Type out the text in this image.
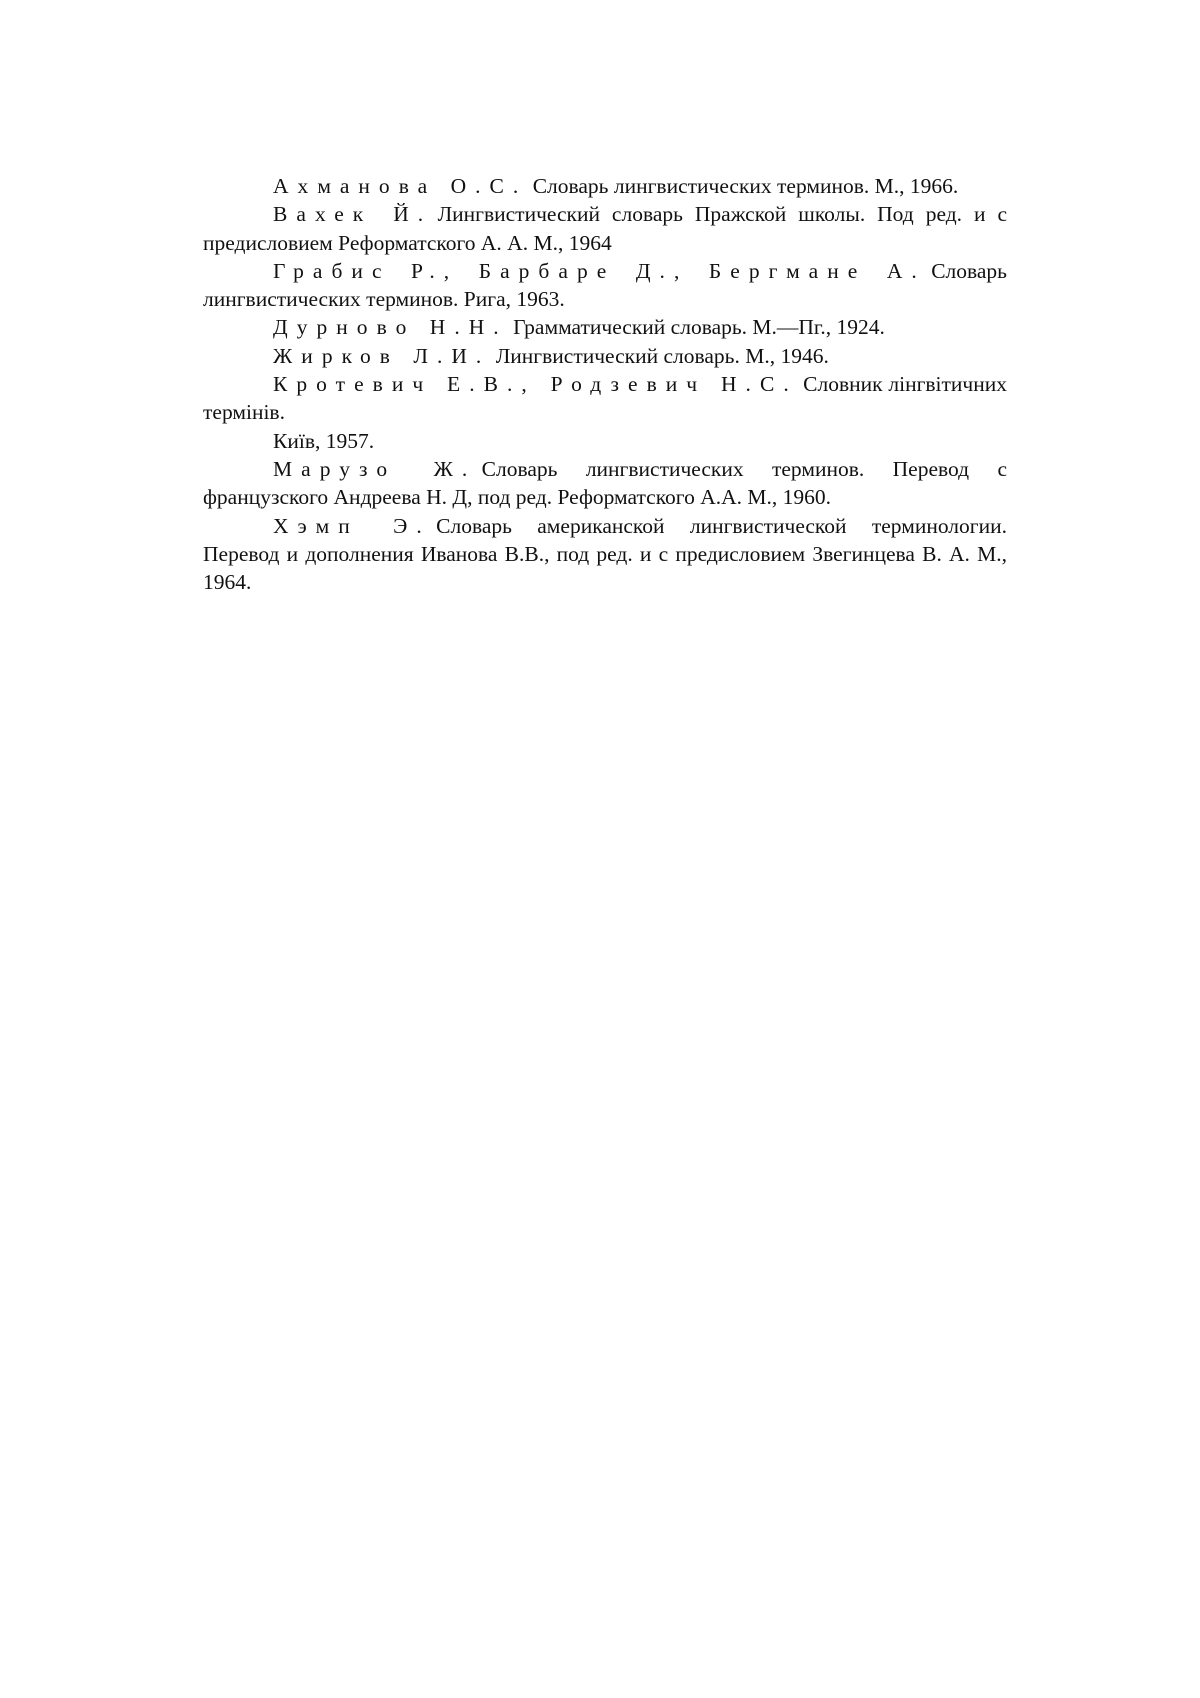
Ахманова О.С. Словарь лингвистических терминов. М., 1966.

Вахек Й. Лингвистический словарь Пражской школы. Под ред. и с предисловием Реформатского А. А. М., 1964

Грабис Р., Барбаре Д., Бергмане А. Словарь лингвистических терминов. Рига, 1963.

Дурново Н.Н. Грамматический словарь. М.—Пг., 1924.

Жирков Л.И. Лингвистический словарь. М., 1946.

Кротевич Е.В., Родзевич Н.С. Словник лінгвітичних термінів.

Київ, 1957.

Марузо Ж. Словарь лингвистических терминов. Перевод с французского Андреева Н. Д, под ред. Реформатского А.А. М., 1960.

Хэмп Э. Словарь американской лингвистической терминологии. Перевод и дополнения Иванова В.В., под ред. и с предисловием Звегинцева В. А. М., 1964.
